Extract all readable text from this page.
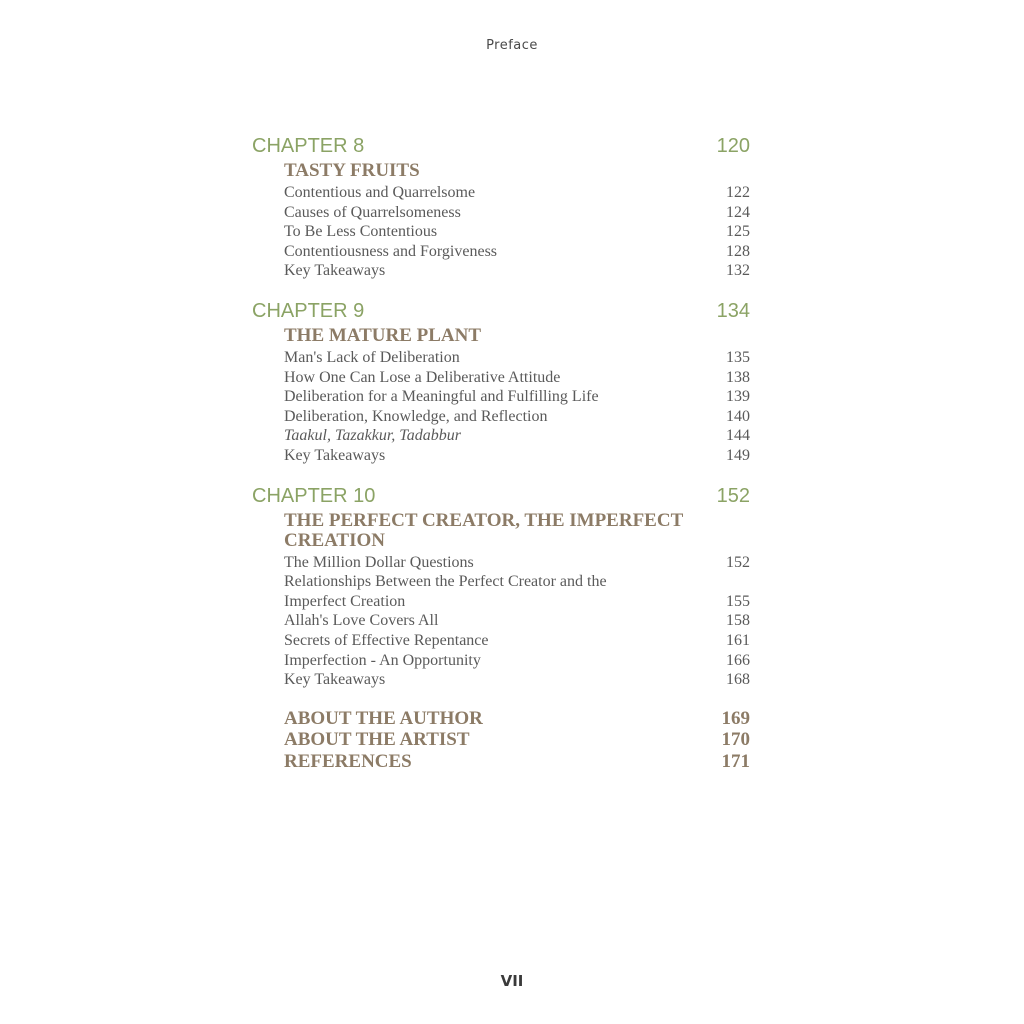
Preface
CHAPTER 8	120
TASTY FRUITS
Contentious and Quarrelsome	122
Causes of Quarrelsomeness	124
To Be Less Contentious	125
Contentiousness and Forgiveness	128
Key Takeaways	132
CHAPTER 9	134
THE MATURE PLANT
Man's Lack of Deliberation	135
How One Can Lose a Deliberative Attitude	138
Deliberation for a Meaningful and Fulfilling Life	139
Deliberation, Knowledge, and Reflection	140
Taakul, Tazakkur, Tadabbur	144
Key Takeaways	149
CHAPTER 10	152
THE PERFECT CREATOR, THE IMPERFECT CREATION
The Million Dollar Questions	152
Relationships Between the Perfect Creator and the Imperfect Creation	155
Allah's Love Covers All	158
Secrets of Effective Repentance	161
Imperfection - An Opportunity	166
Key Takeaways	168
ABOUT THE AUTHOR	169
ABOUT THE ARTIST	170
REFERENCES	171
VII
